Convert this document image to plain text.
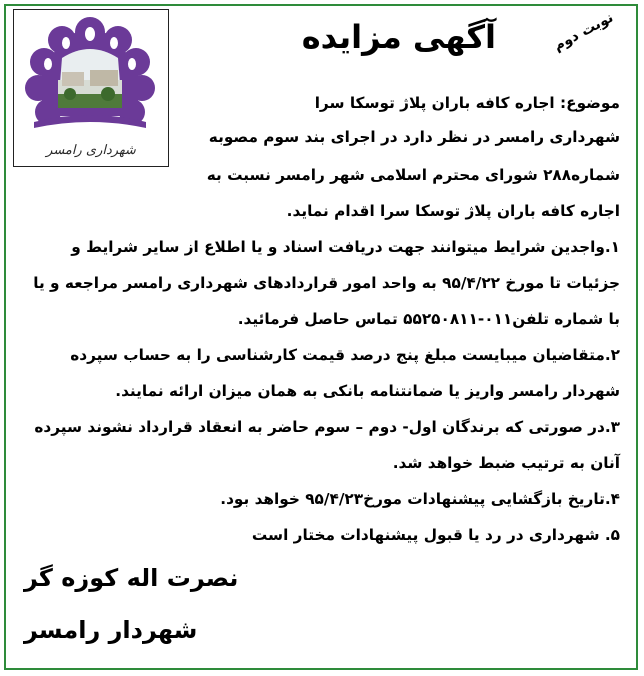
شهرداری رامسر
نوبت دوم
آگهی مزایده
موضوع: اجاره کافه باران پلاژ توسکا سرا
شهرداری رامسر در نظر دارد در اجرای بند سوم مصوبه
شماره۲۸۸ شورای محترم اسلامی شهر رامسر نسبت به
اجاره کافه باران پلاژ توسکا سرا اقدام نماید.
۱.واجدین شرایط میتوانند جهت دریافت اسناد و یا اطلاع از سایر شرایط و
جزئیات تا مورخ ۹۵/۴/۲۲ به واحد امور قراردادهای شهرداری رامسر مراجعه و یا
با شماره تلفن۰۱۱-۵۵۲۵۰۸۱۱ تماس حاصل فرمائید.
۲.متقاضیان میبایست مبلغ پنج درصد قیمت کارشناسی را به حساب سپرده
شهردار رامسر واریز یا ضمانتنامه بانکی به همان میزان ارائه نمایند.
۳.در صورتی که برندگان اول- دوم – سوم حاضر به انعقاد قرارداد نشوند سپرده
آنان به ترتیب ضبط خواهد شد.
۴.تاریخ بازگشایی پیشنهادات مورخ۹۵/۴/۲۳ خواهد بود.
۵. شهرداری در رد یا قبول پیشنهادات مختار است
نصرت اله کوزه گر
شهردار رامسر
